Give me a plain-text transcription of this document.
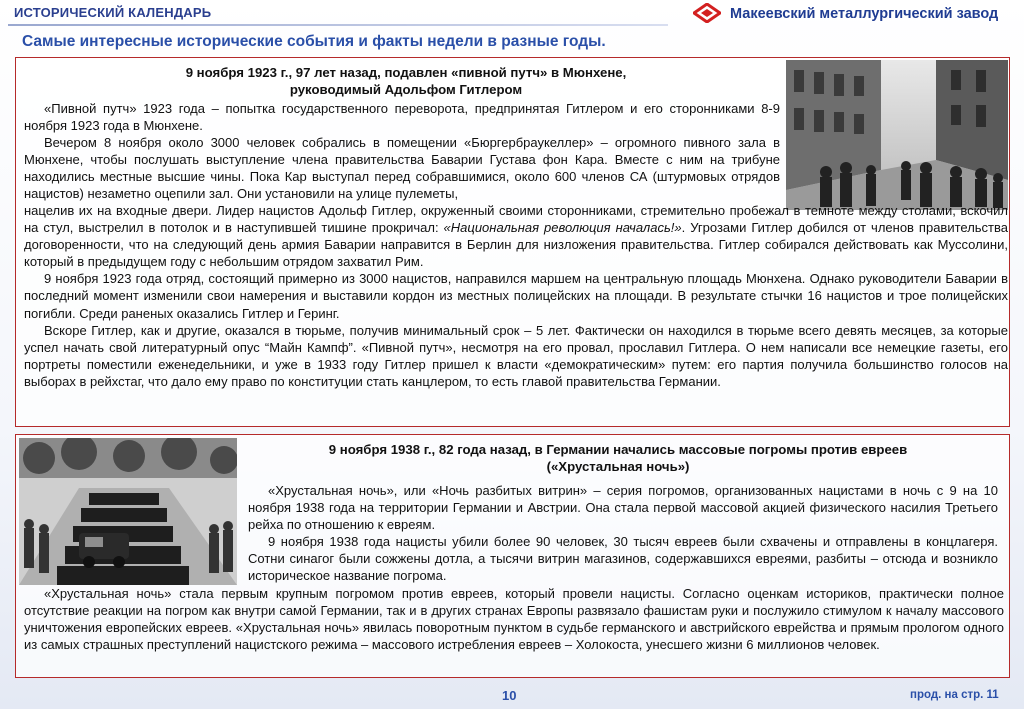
ИСТОРИЧЕСКИЙ КАЛЕНДАРЬ	Макеевский металлургический завод
Самые интересные исторические события и факты недели в разные годы.
9 ноября 1923 г., 97 лет назад, подавлен «пивной путч» в Мюнхене,
руководимый Адольфом Гитлером

«Пивной путч» 1923 года – попытка государственного переворота, предпринятая Гитлером и его сторонниками 8-9 ноября 1923 года в Мюнхене.

Вечером 8 ноября около 3000 человек собрались в помещении «Бюргербраукеллер» – огромного пивного зала в Мюнхене, чтобы послушать выступление члена правительства Баварии Густава фон Кара. Вместе с ним на трибуне находились местные высшие чины. Пока Кар выступал перед собравшимися, около 600 членов СА (штурмовых отрядов нацистов) незаметно оцепили зал. Они установили на улице пулеметы,

нацелив их на входные двери. Лидер нацистов Адольф Гитлер, окруженный своими сторонниками, стремительно пробежал в темноте между столами, вскочил на стул, выстрелил в потолок и в наступившей тишине прокричал: «Национальная революция началась!». Угрозами Гитлер добился от членов правительства договоренности, что на следующий день армия Баварии направится в Берлин для низложения правительства. Гитлер собирался действовать как Муссолини, который в предыдущем году с небольшим отрядом захватил Рим.

9 ноября 1923 года отряд, состоящий примерно из 3000 нацистов, направился маршем на центральную площадь Мюнхена. Однако руководители Баварии в последний момент изменили свои намерения и выставили кордон из местных полицейских на площади. В результате стычки 16 нацистов и трое полицейских погибли. Среди раненых оказались Гитлер и Геринг.

Вскоре Гитлер, как и другие, оказался в тюрьме, получив минимальный срок – 5 лет. Фактически он находился в тюрьме всего девять месяцев, за которые успел начать свой литературный опус “Майн Кампф”. «Пивной путч», несмотря на его провал, прославил Гитлера. О нем написали все немецкие газеты, его портреты поместили еженедельники, и уже в 1933 году Гитлер пришел к власти «демократическим» путем: его партия получила большинство голосов на выборах в рейхстаг, что дало ему право по конституции стать канцлером, то есть главой правительства Германии.

9 ноября 1938 г., 82 года назад, в Германии начались массовые погромы против евреев
(«Хрустальная ночь»)

«Хрустальная ночь», или «Ночь разбитых витрин» – серия погромов, организованных нацистами в ночь с 9 на 10 ноября 1938 года на территории Германии и Австрии. Она стала первой массовой акцией физического насилия Третьего рейха по отношению к евреям.

9 ноября 1938 года нацисты убили более 90 человек, 30 тысяч евреев были схвачены и отправлены в концлагеря. Сотни синагог были сожжены дотла, а тысячи витрин магазинов, содержавшихся евреями, разбиты – отсюда и возникло историческое название погрома.

«Хрустальная ночь» стала первым крупным погромом против евреев, который провели нацисты. Согласно оценкам историков, практически полное отсутствие реакции на погром как внутри самой Германии, так и в других странах Европы развязало фашистам руки и послужило стимулом к началу массового уничтожения европейских евреев. «Хрустальная ночь» явилась поворотным пунктом в судьбе германского и австрийского еврейства и прямым прологом одного из самых страшных преступлений нацистского режима – массового истребления евреев – Холокоста, унесшего жизни 6 миллионов человек.

10	прод. на стр. 11
